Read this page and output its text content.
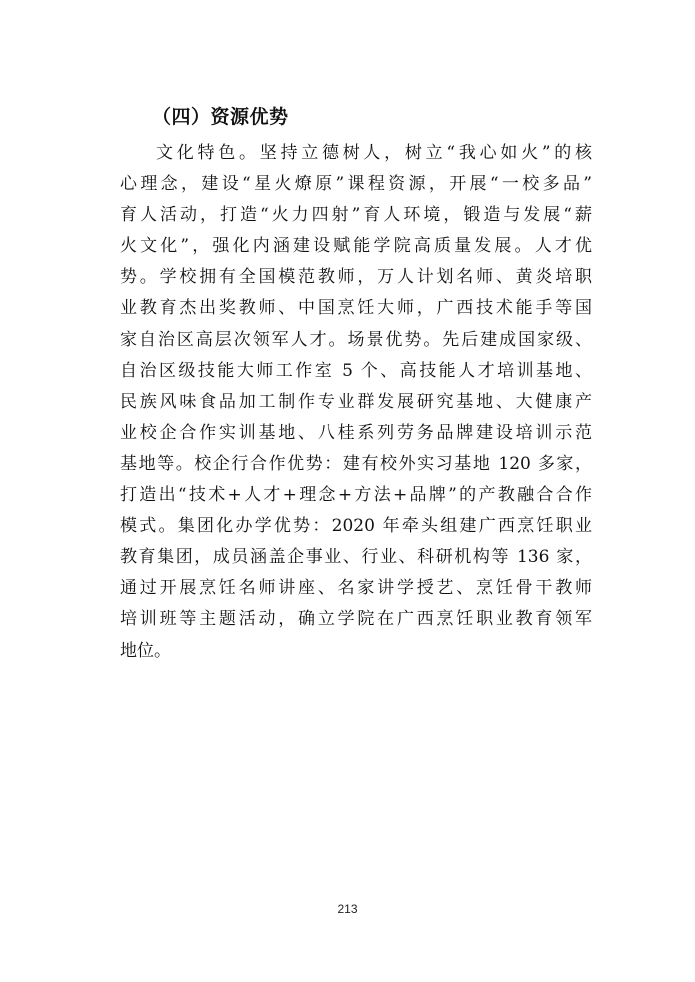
（四）资源优势
文化特色。坚持立德树人，树立“我心如火”的核
心理念，建设“星火燎原”课程资源，开展“一校多品”
育人活动，打造“火力四射”育人环境，锻造与发展“薪
火文化”，强化内涵建设赋能学院高质量发展。人才优
势。学校拥有全国模范教师，万人计划名师、黄炎培职
业教育杰出奖教师、中国烹饪大师，广西技术能手等国
家自治区高层次领军人才。场景优势。先后建成国家级、
自治区级技能大师工作室 5 个、高技能人才培训基地、
民族风味食品加工制作专业群发展研究基地、大健康产
业校企合作实训基地、八桂系列劳务品牌建设培训示范
基地等。校企行合作优势：建有校外实习基地 120 多家，
打造出“技术+人才+理念+方法+品牌”的产教融合合作
模式。集团化办学优势：2020 年牵头组建广西烹饪职业
教育集团，成员涵盖企事业、行业、科研机构等 136 家，
通过开展烹饪名师讲座、名家讲学授艺、烹饪骨干教师
培训班等主题活动，确立学院在广西烹饪职业教育领军
地位。
213
